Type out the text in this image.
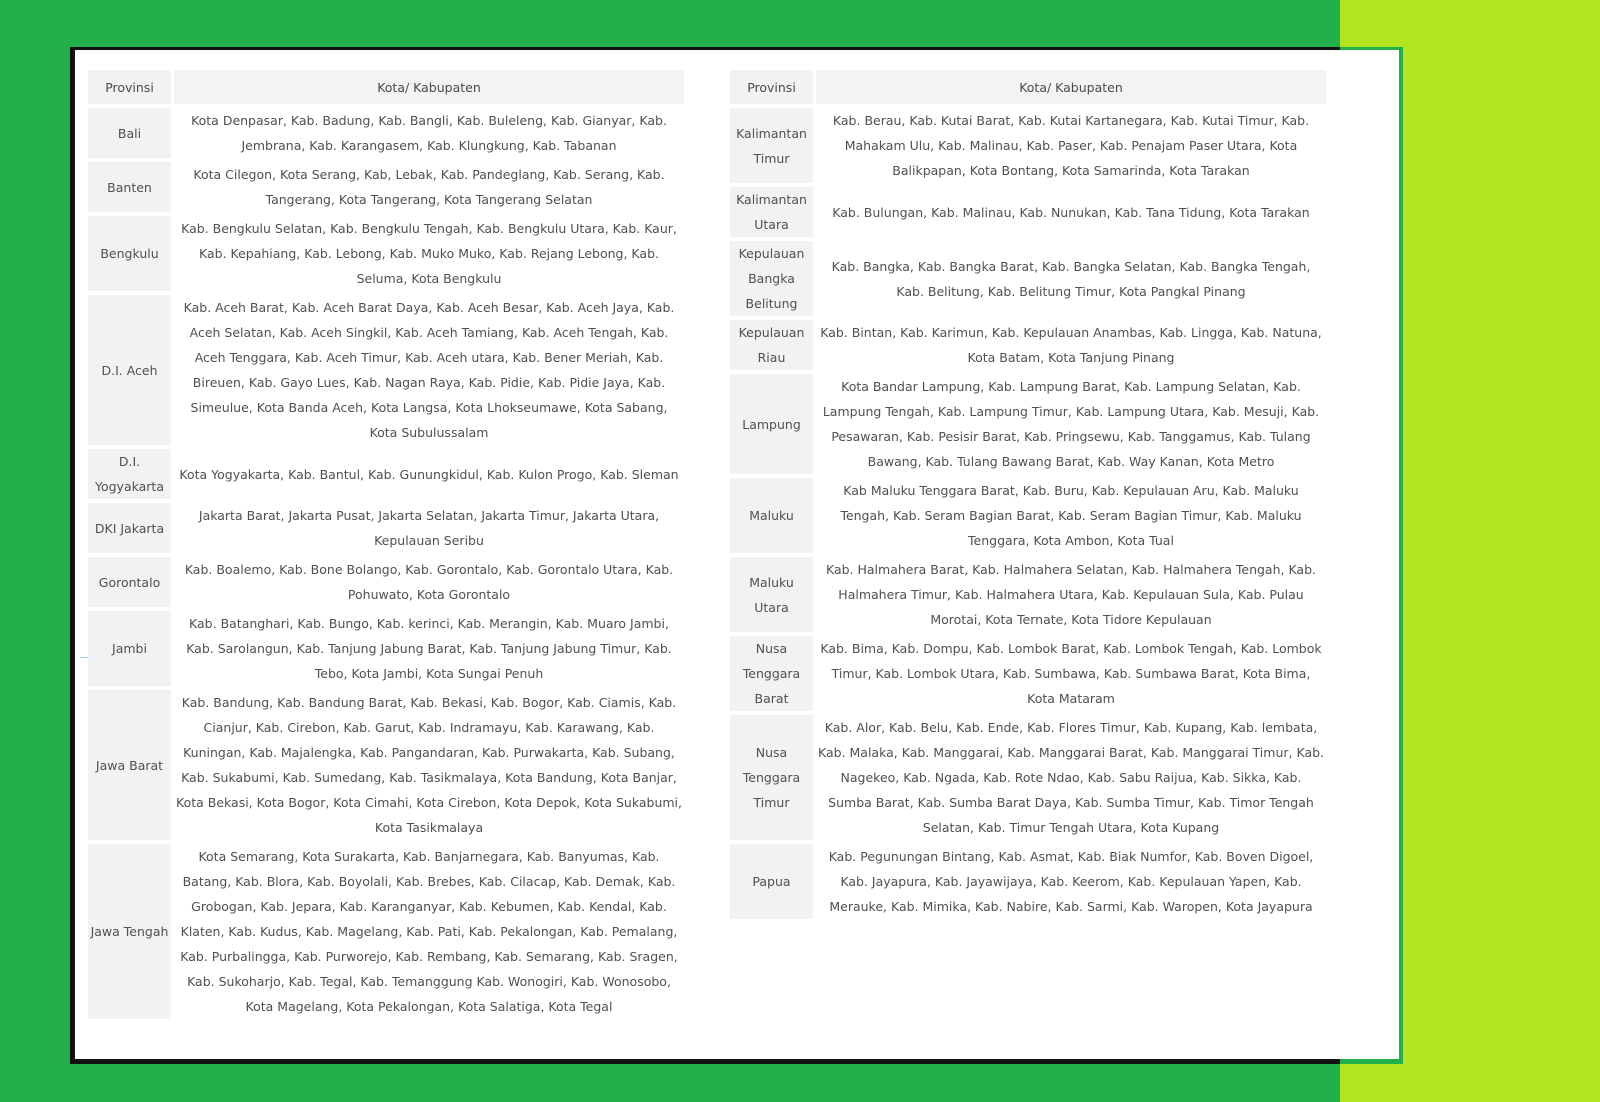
Provinsi	Kota/ Kabupaten
Bali	Kota Denpasar, Kab. Badung, Kab. Bangli, Kab. Buleleng, Kab. Gianyar, Kab. Jembrana, Kab. Karangasem, Kab. Klungkung, Kab. Tabanan
Banten	Kota Cilegon, Kota Serang, Kab, Lebak, Kab. Pandeglang, Kab. Serang, Kab. Tangerang, Kota Tangerang, Kota Tangerang Selatan
Bengkulu	Kab. Bengkulu Selatan, Kab. Bengkulu Tengah, Kab. Bengkulu Utara, Kab. Kaur, Kab. Kepahiang, Kab. Lebong, Kab. Muko Muko, Kab. Rejang Lebong, Kab. Seluma, Kota Bengkulu
D.I. Aceh	Kab. Aceh Barat, Kab. Aceh Barat Daya, Kab. Aceh Besar, Kab. Aceh Jaya, Kab. Aceh Selatan, Kab. Aceh Singkil, Kab. Aceh Tamiang, Kab. Aceh Tengah, Kab. Aceh Tenggara, Kab. Aceh Timur, Kab. Aceh utara, Kab. Bener Meriah, Kab. Bireuen, Kab. Gayo Lues, Kab. Nagan Raya, Kab. Pidie, Kab. Pidie Jaya, Kab. Simeulue, Kota Banda Aceh, Kota Langsa, Kota Lhokseumawe, Kota Sabang, Kota Subulussalam
D.I. Yogyakarta	Kota Yogyakarta, Kab. Bantul, Kab. Gunungkidul, Kab. Kulon Progo, Kab. Sleman
DKI Jakarta	Jakarta Barat, Jakarta Pusat, Jakarta Selatan, Jakarta Timur, Jakarta Utara, Kepulauan Seribu
Gorontalo	Kab. Boalemo, Kab. Bone Bolango, Kab. Gorontalo, Kab. Gorontalo Utara, Kab. Pohuwato, Kota Gorontalo
Jambi	Kab. Batanghari, Kab. Bungo, Kab. kerinci, Kab. Merangin, Kab. Muaro Jambi, Kab. Sarolangun, Kab. Tanjung Jabung Barat, Kab. Tanjung Jabung Timur, Kab. Tebo, Kota Jambi, Kota Sungai Penuh
Jawa Barat	Kab. Bandung, Kab. Bandung Barat, Kab. Bekasi, Kab. Bogor, Kab. Ciamis, Kab. Cianjur, Kab. Cirebon, Kab. Garut, Kab. Indramayu, Kab. Karawang, Kab. Kuningan, Kab. Majalengka, Kab. Pangandaran, Kab. Purwakarta, Kab. Subang, Kab. Sukabumi, Kab. Sumedang, Kab. Tasikmalaya, Kota Bandung, Kota Banjar, Kota Bekasi, Kota Bogor, Kota Cimahi, Kota Cirebon, Kota Depok, Kota Sukabumi, Kota Tasikmalaya
Jawa Tengah	Kota Semarang, Kota Surakarta, Kab. Banjarnegara, Kab. Banyumas, Kab. Batang, Kab. Blora, Kab. Boyolali, Kab. Brebes, Kab. Cilacap, Kab. Demak, Kab. Grobogan, Kab. Jepara, Kab. Karanganyar, Kab. Kebumen, Kab. Kendal, Kab. Klaten, Kab. Kudus, Kab. Magelang, Kab. Pati, Kab. Pekalongan, Kab. Pemalang, Kab. Purbalingga, Kab. Purworejo, Kab. Rembang, Kab. Semarang, Kab. Sragen, Kab. Sukoharjo, Kab. Tegal, Kab. Temanggung Kab. Wonogiri, Kab. Wonosobo, Kota Magelang, Kota Pekalongan, Kota Salatiga, Kota Tegal
Provinsi	Kota/ Kabupaten
Kalimantan Timur	Kab. Berau, Kab. Kutai Barat, Kab. Kutai Kartanegara, Kab. Kutai Timur, Kab. Mahakam Ulu, Kab. Malinau, Kab. Paser, Kab. Penajam Paser Utara, Kota Balikpapan, Kota Bontang, Kota Samarinda, Kota Tarakan
Kalimantan Utara	Kab. Bulungan, Kab. Malinau, Kab. Nunukan, Kab. Tana Tidung, Kota Tarakan
Kepulauan Bangka Belitung	Kab. Bangka, Kab. Bangka Barat, Kab. Bangka Selatan, Kab. Bangka Tengah, Kab. Belitung, Kab. Belitung Timur, Kota Pangkal Pinang
Kepulauan Riau	Kab. Bintan, Kab. Karimun, Kab. Kepulauan Anambas, Kab. Lingga, Kab. Natuna, Kota Batam, Kota Tanjung Pinang
Lampung	Kota Bandar Lampung, Kab. Lampung Barat, Kab. Lampung Selatan, Kab. Lampung Tengah, Kab. Lampung Timur, Kab. Lampung Utara, Kab. Mesuji, Kab. Pesawaran, Kab. Pesisir Barat, Kab. Pringsewu, Kab. Tanggamus, Kab. Tulang Bawang, Kab. Tulang Bawang Barat, Kab. Way Kanan, Kota Metro
Maluku	Kab Maluku Tenggara Barat, Kab. Buru, Kab. Kepulauan Aru, Kab. Maluku Tengah, Kab. Seram Bagian Barat, Kab. Seram Bagian Timur, Kab. Maluku Tenggara, Kota Ambon, Kota Tual
Maluku Utara	Kab. Halmahera Barat, Kab. Halmahera Selatan, Kab. Halmahera Tengah, Kab. Halmahera Timur, Kab. Halmahera Utara, Kab. Kepulauan Sula, Kab. Pulau Morotai, Kota Ternate, Kota Tidore Kepulauan
Nusa Tenggara Barat	Kab. Bima, Kab. Dompu, Kab. Lombok Barat, Kab. Lombok Tengah, Kab. Lombok Timur, Kab. Lombok Utara, Kab. Sumbawa, Kab. Sumbawa Barat, Kota Bima, Kota Mataram
Nusa Tenggara Timur	Kab. Alor, Kab. Belu, Kab. Ende, Kab. Flores Timur, Kab. Kupang, Kab. lembata, Kab. Malaka, Kab. Manggarai, Kab. Manggarai Barat, Kab. Manggarai Timur, Kab. Nagekeo, Kab. Ngada, Kab. Rote Ndao, Kab. Sabu Raijua, Kab. Sikka, Kab. Sumba Barat, Kab. Sumba Barat Daya, Kab. Sumba Timur, Kab. Timor Tengah Selatan, Kab. Timur Tengah Utara, Kota Kupang
Papua	Kab. Pegunungan Bintang, Kab. Asmat, Kab. Biak Numfor, Kab. Boven Digoel, Kab. Jayapura, Kab. Jayawijaya, Kab. Keerom, Kab. Kepulauan Yapen, Kab. Merauke, Kab. Mimika, Kab. Nabire, Kab. Sarmi, Kab. Waropen, Kota Jayapura
